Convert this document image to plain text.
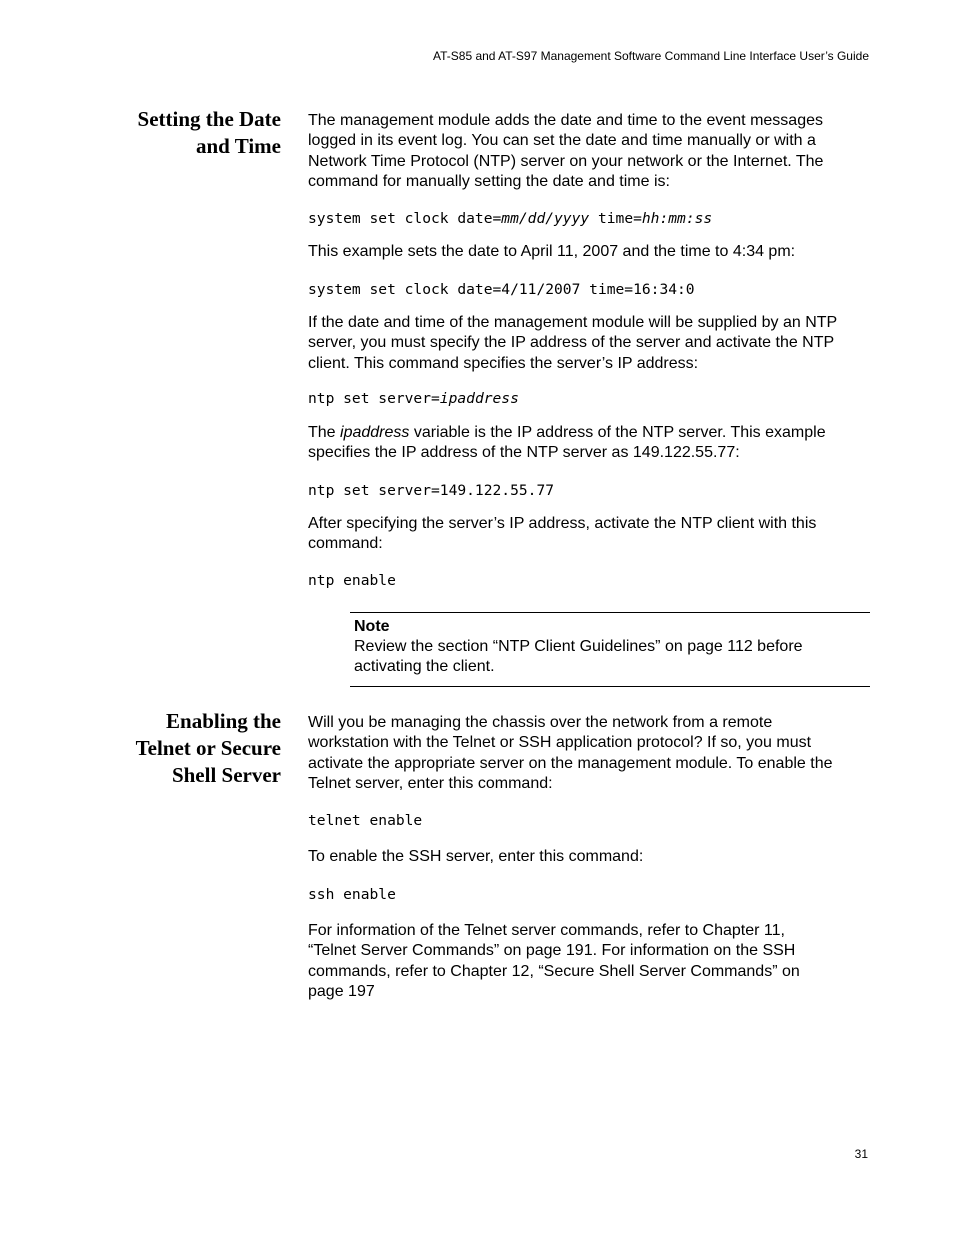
AT-S85 and AT-S97 Management Software Command Line Interface User’s Guide
Setting the Date
and Time
The management module adds the date and time to the event messages
logged in its event log. You can set the date and time manually or with a
Network Time Protocol (NTP) server on your network or the Internet. The
command for manually setting the date and time is:
system set clock date=mm/dd/yyyy time=hh:mm:ss
This example sets the date to April 11, 2007 and the time to 4:34 pm:
system set clock date=4/11/2007 time=16:34:0
If the date and time of the management module will be supplied by an NTP
server, you must specify the IP address of the server and activate the NTP
client. This command specifies the server’s IP address:
ntp set server=ipaddress
The ipaddress variable is the IP address of the NTP server. This example
specifies the IP address of the NTP server as 149.122.55.77:
ntp set server=149.122.55.77
After specifying the server’s IP address, activate the NTP client with this
command:
ntp enable
Note
Review the section “NTP Client Guidelines” on page 112 before
activating the client.
Enabling the
Telnet or Secure
Shell Server
Will you be managing the chassis over the network from a remote
workstation with the Telnet or SSH application protocol? If so, you must
activate the appropriate server on the management module. To enable the
Telnet server, enter this command:
telnet enable
To enable the SSH server, enter this command:
ssh enable
For information of the Telnet server commands, refer to Chapter 11,
“Telnet Server Commands” on page 191. For information on the SSH
commands, refer to Chapter 12, “Secure Shell Server Commands” on
page 197
31
